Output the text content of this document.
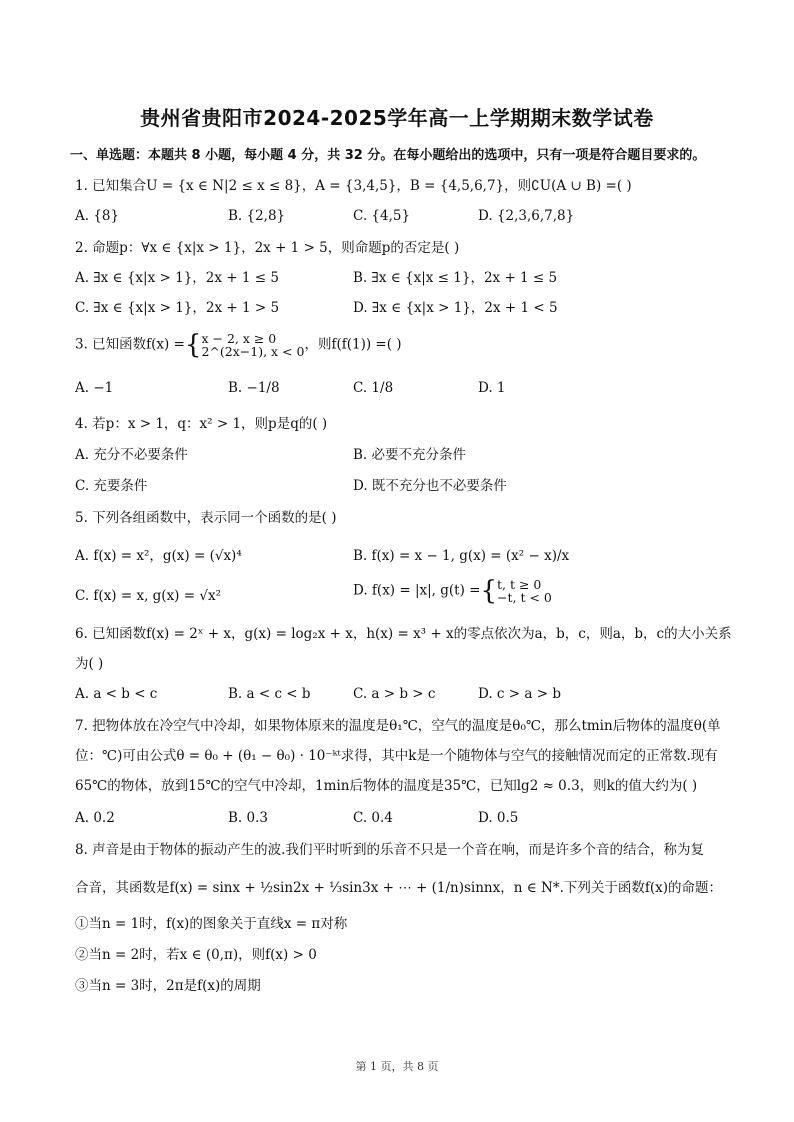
贵州省贵阳市2024-2025学年高一上学期期末数学试卷
一、单选题：本题共 8 小题，每小题 4 分，共 32 分。在每小题给出的选项中，只有一项是符合题目要求的。
1. 已知集合U = {x ∈ N|2 ≤ x ≤ 8}，A = {3,4,5}，B = {4,5,6,7}，则∁U(A ∪ B) =( )
A. {8}	B. {2,8}	C. {4,5}	D. {2,3,6,7,8}
2. 命题p：∀x ∈ {x|x > 1}，2x + 1 > 5，则命题p的否定是( )
A. ∃x ∈ {x|x > 1}，2x + 1 ≤ 5	B. ∃x ∈ {x|x ≤ 1}，2x + 1 ≤ 5
C. ∃x ∈ {x|x > 1}，2x + 1 > 5	D. ∃x ∈ {x|x > 1}，2x + 1 < 5
3. 已知函数f(x) ={ x − 2, x ≥ 0
2^(2x−1), x < 0 ，则f(f(1)) =( )
A. −1	B. −1/8	C. 1/8	D. 1
4. 若p：x > 1，q：x² > 1，则p是q的( )
A. 充分不必要条件	B. 必要不充分条件
C. 充要条件	D. 既不充分也不必要条件
5. 下列各组函数中，表示同一个函数的是( )
A. f(x) = x²，g(x) = (√x)⁴	B. f(x) = x − 1, g(x) = (x² − x)/x
C. f(x) = x, g(x) = √x²	D. f(x) = |x|, g(t) ={ t, t ≥ 0
−t, t < 0
6. 已知函数f(x) = 2ˣ + x，g(x) = log₂x + x，h(x) = x³ + x的零点依次为a，b，c，则a，b，c的大小关系
为( )
A. a < b < c	B. a < c < b	C. a > b > c	D. c > a > b
7. 把物体放在冷空气中冷却，如果物体原来的温度是θ₁℃，空气的温度是θ₀℃，那么tmin后物体的温度θ(单
位：℃)可由公式θ = θ₀ + (θ₁ − θ₀) · 10⁻ᵏᵗ求得，其中k是一个随物体与空气的接触情况而定的正常数.现有
65℃的物体，放到15℃的空气中冷却，1min后物体的温度是35℃，已知lg2 ≈ 0.3，则k的值大约为( )
A. 0.2	B. 0.3	C. 0.4	D. 0.5
8. 声音是由于物体的振动产生的波.我们平时听到的乐音不只是一个音在响，而是许多个音的结合，称为复
合音，其函数是f(x) = sinx + ½sin2x + ⅓sin3x + ⋯ + (1/n)sinnx，n ∈ N*.下列关于函数f(x)的命题：
①当n = 1时，f(x)的图象关于直线x = π对称
②当n = 2时，若x ∈ (0,π)，则f(x) > 0
③当n = 3时，2π是f(x)的周期
第 1 页，共 8 页
